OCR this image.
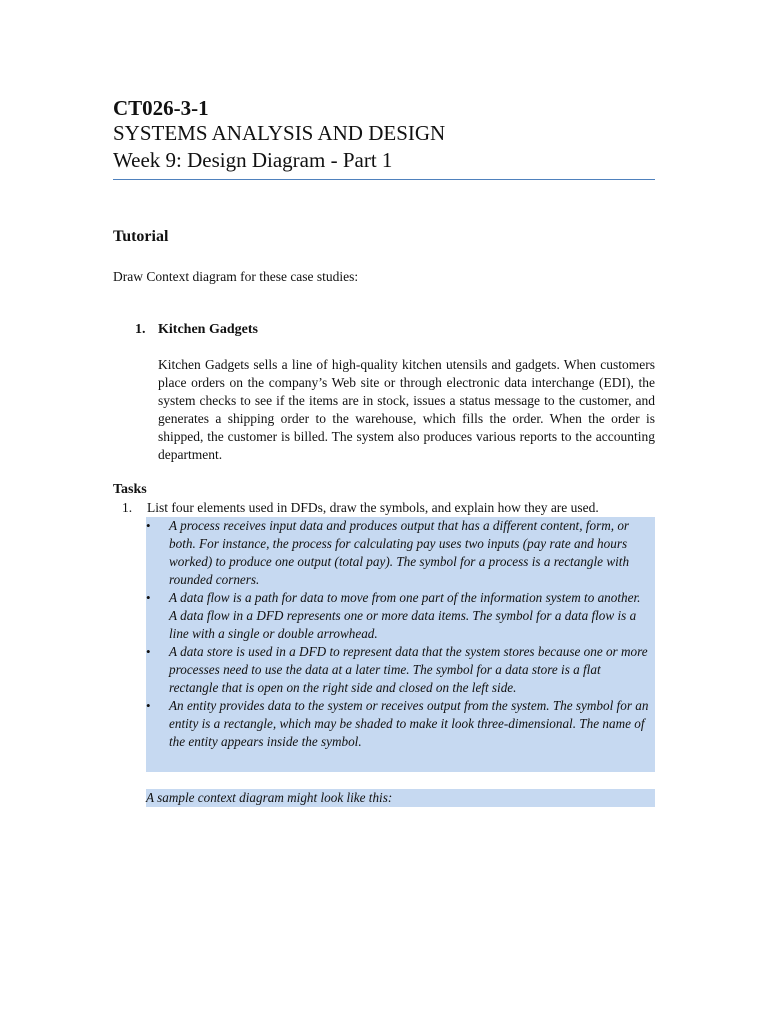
CT026-3-1
SYSTEMS ANALYSIS AND DESIGN
Week 9: Design Diagram - Part 1
Tutorial
Draw Context diagram for these case studies:
1. Kitchen Gadgets
Kitchen Gadgets sells a line of high-quality kitchen utensils and gadgets. When customers place orders on the company’s Web site or through electronic data interchange (EDI), the system checks to see if the items are in stock, issues a status message to the customer, and generates a shipping order to the warehouse, which fills the order. When the order is shipped, the customer is billed. The system also produces various reports to the accounting department.
Tasks
1. List four elements used in DFDs, draw the symbols, and explain how they are used.
• A process receives input data and produces output that has a different content, form, or both. For instance, the process for calculating pay uses two inputs (pay rate and hours worked) to produce one output (total pay). The symbol for a process is a rectangle with rounded corners.
• A data flow is a path for data to move from one part of the information system to another. A data flow in a DFD represents one or more data items. The symbol for a data flow is a line with a single or double arrowhead.
• A data store is used in a DFD to represent data that the system stores because one or more processes need to use the data at a later time. The symbol for a data store is a flat rectangle that is open on the right side and closed on the left side.
• An entity provides data to the system or receives output from the system. The symbol for an entity is a rectangle, which may be shaded to make it look three-dimensional. The name of the entity appears inside the symbol.
A sample context diagram might look like this:
